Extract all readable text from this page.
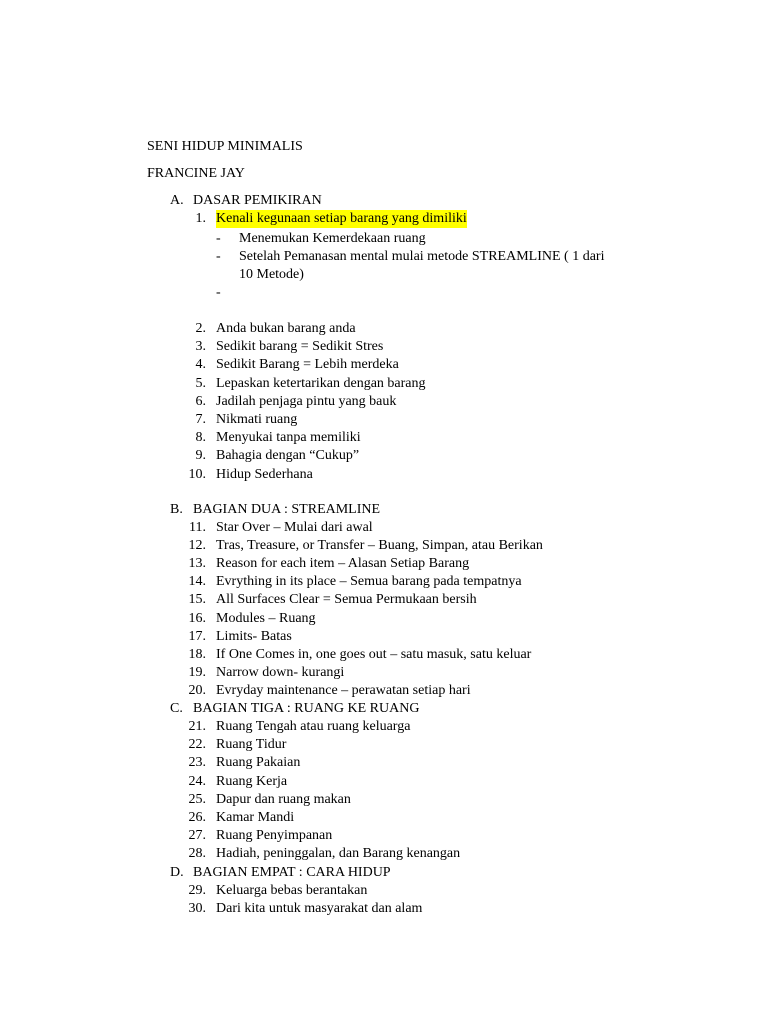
SENI HIDUP MINIMALIS
FRANCINE JAY
A. DASAR PEMIKIRAN
1. Kenali kegunaan setiap barang yang dimiliki
- Menemukan Kemerdekaan ruang
- Setelah Pemanasan mental mulai metode STREAMLINE ( 1 dari
10 Metode)
-
2. Anda bukan barang anda
3. Sedikit barang = Sedikit Stres
4. Sedikit Barang = Lebih merdeka
5. Lepaskan ketertarikan dengan barang
6. Jadilah penjaga pintu yang bauk
7. Nikmati ruang
8. Menyukai tanpa memiliki
9. Bahagia dengan “Cukup”
10. Hidup Sederhana
B. BAGIAN DUA : STREAMLINE
11. Star Over – Mulai dari awal
12. Tras, Treasure, or Transfer – Buang, Simpan, atau Berikan
13. Reason for each item – Alasan Setiap Barang
14. Evrything in its place – Semua barang pada tempatnya
15. All Surfaces Clear = Semua Permukaan bersih
16. Modules – Ruang
17. Limits- Batas
18. If One Comes in, one goes out – satu masuk, satu keluar
19. Narrow down- kurangi
20. Evryday maintenance – perawatan setiap hari
C. BAGIAN TIGA : RUANG KE RUANG
21. Ruang Tengah atau ruang keluarga
22. Ruang Tidur
23. Ruang Pakaian
24. Ruang Kerja
25. Dapur dan ruang makan
26. Kamar Mandi
27. Ruang Penyimpanan
28. Hadiah, peninggalan, dan Barang kenangan
D. BAGIAN EMPAT : CARA HIDUP
29. Keluarga bebas berantakan
30. Dari kita untuk masyarakat dan alam
